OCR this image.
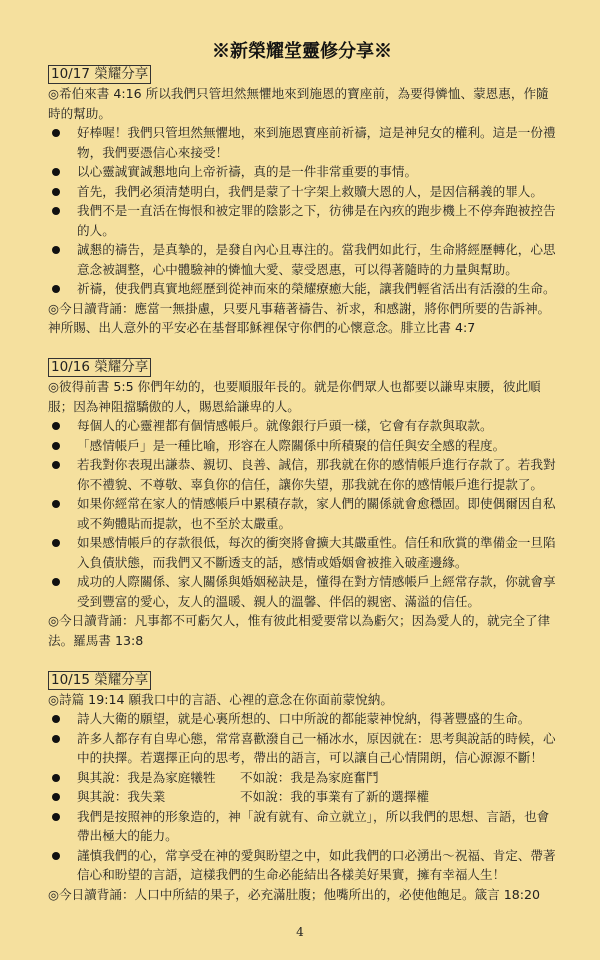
※新榮耀堂靈修分享※
10/17 榮耀分享

◎希伯來書 4:16 所以我們只管坦然無懼地來到施恩的寶座前，為要得憐恤、蒙恩惠，作隨時的幫助。

好棒喔！我們只管坦然無懼地，來到施恩寶座前祈禱，這是神兒女的權利。這是一份禮物，我們要憑信心來接受！
以心靈誠實誠懇地向上帝祈禱，真的是一件非常重要的事情。
首先，我們必須清楚明白，我們是蒙了十字架上救贖大恩的人，是因信稱義的罪人。
我們不是一直活在悔恨和被定罪的陰影之下，彷彿是在內疚的跑步機上不停奔跑被控告的人。
誠懇的禱告，是真摯的，是發自內心且專注的。當我們如此行，生命將經歷轉化，心思意念被調整，心中體驗神的憐恤大愛、蒙受恩惠，可以得著隨時的力量與幫助。
祈禱，使我們真實地經歷到從神而來的榮耀療癒大能，讓我們輕省活出有活潑的生命。

◎今日讀背誦：應當一無掛慮，只要凡事藉著禱告、祈求，和感謝，將你們所要的告訴神。神所賜、出人意外的平安必在基督耶穌裡保守你們的心懷意念。腓立比書 4:7

10/16 榮耀分享

◎彼得前書 5:5 你們年幼的，也要順服年長的。就是你們眾人也都要以謙卑束腰，彼此順服；因為神阻擋驕傲的人，賜恩給謙卑的人。

每個人的心靈裡都有個情感帳戶。就像銀行戶頭一樣，它會有存款與取款。
「感情帳戶」是一種比喻，形容在人際關係中所積聚的信任與安全感的程度。
若我對你表現出謙恭、親切、良善、誠信，那我就在你的感情帳戶進行存款了。若我對你不禮貌、不尊敬、辜負你的信任，讓你失望，那我就在你的感情帳戶進行提款了。
如果你經常在家人的情感帳戶中累積存款，家人們的關係就會愈穩固。即使偶爾因自私或不夠體貼而提款，也不至於太嚴重。
如果感情帳戶的存款很低，每次的衝突將會擴大其嚴重性。信任和欣賞的準備金一旦陷入負債狀態，而我們又不斷透支的話，感情或婚姻會被推入破產邊緣。
成功的人際關係、家人關係與婚姻秘訣是，懂得在對方情感帳戶上經常存款，你就會享受到豐富的愛心，友人的溫暖、親人的溫馨、伴侶的親密、滿溢的信任。

◎今日讀背誦：凡事都不可虧欠人，惟有彼此相愛要常以為虧欠；因為愛人的，就完全了律法。羅馬書 13:8

10/15 榮耀分享

◎詩篇 19:14 願我口中的言語、心裡的意念在你面前蒙悅納。

詩人大衛的願望，就是心裏所想的、口中所說的都能蒙神悅納，得著豐盛的生命。
許多人都存有自卑心態，常常喜歡潑自己一桶冰水，原因就在：思考與說話的時候，心中的抉擇。若選擇正向的思考，帶出的語言，可以讓自己心情開朗，信心源源不斷！
與其說：我是為家庭犧牲	不如說：我是為家庭奮鬥
與其說：我失業	不如說：我的事業有了新的選擇權
我們是按照神的形象造的，神「說有就有、命立就立」，所以我們的思想、言語，也會帶出極大的能力。
謹慎我們的心，常享受在神的愛與盼望之中，如此我們的口必湧出～祝福、肯定、帶著信心和盼望的言語，這樣我們的生命必能結出各樣美好果實，擁有幸福人生！

◎今日讀背誦：人口中所結的果子，必充滿肚腹；他嘴所出的，必使他飽足。箴言 18:20

4
